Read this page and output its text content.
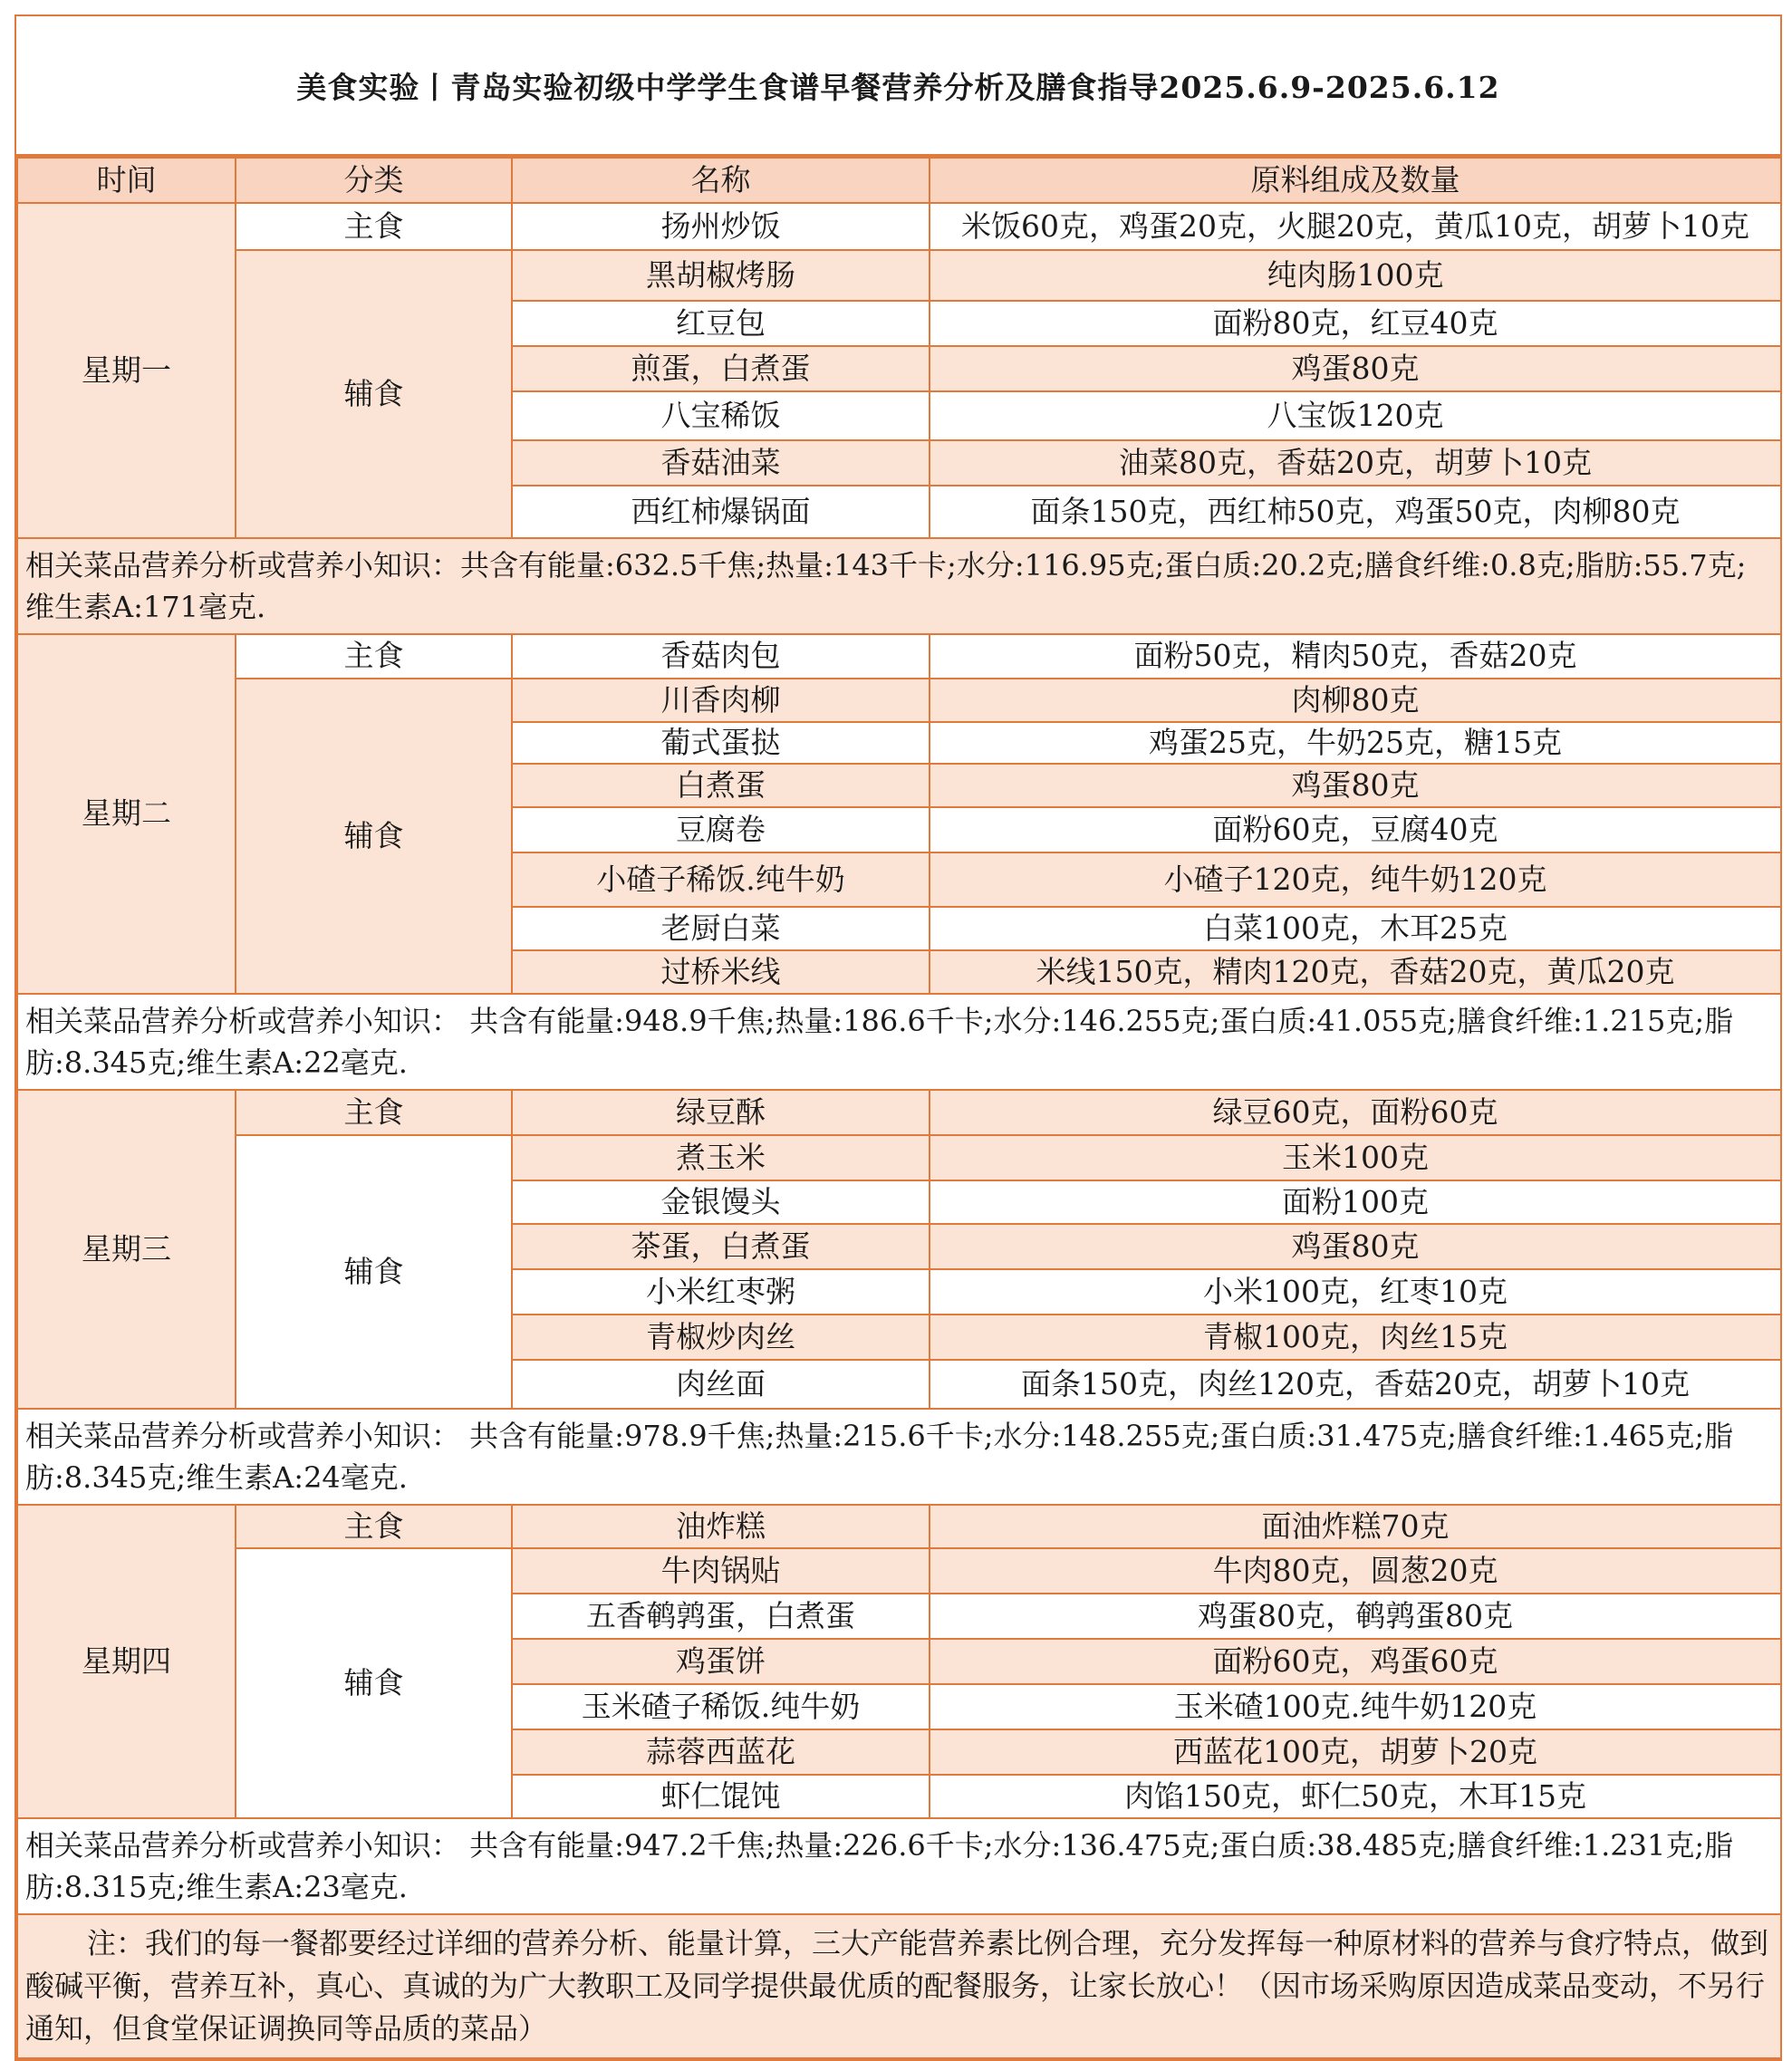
美食实验丨青岛实验初级中学学生食谱早餐营养分析及膳食指导2025.6.9-2025.6.12
时间	分类	名称	原料组成及数量
星期一	主食	扬州炒饭	米饭60克，鸡蛋20克，火腿20克，黄瓜10克，胡萝卜10克
	辅食	黑胡椒烤肠	纯肉肠100克
		红豆包	面粉80克，红豆40克
		煎蛋，白煮蛋	鸡蛋80克
		八宝稀饭	八宝饭120克
		香菇油菜	油菜80克，香菇20克，胡萝卜10克
		西红柿爆锅面	面条150克，西红柿50克，鸡蛋50克，肉柳80克
相关菜品营养分析或营养小知识：共含有能量:632.5千焦;热量:143千卡;水分:116.95克;蛋白质:20.2克;膳食纤维:0.8克;脂肪:55.7克;维生素A:171毫克.			
星期二	主食	香菇肉包	面粉50克，精肉50克，香菇20克
	辅食	川香肉柳	肉柳80克
		葡式蛋挞	鸡蛋25克，牛奶25克，糖15克
		白煮蛋	鸡蛋80克
		豆腐卷	面粉60克，豆腐40克
		小碴子稀饭.纯牛奶	小碴子120克，纯牛奶120克
		老厨白菜	白菜100克，木耳25克
		过桥米线	米线150克，精肉120克，香菇20克，黄瓜20克
相关菜品营养分析或营养小知识： 共含有能量:948.9千焦;热量:186.6千卡;水分:146.255克;蛋白质:41.055克;膳食纤维:1.215克;脂肪:8.345克;维生素A:22毫克.			
星期三	主食	绿豆酥	绿豆60克，面粉60克
	辅食	煮玉米	玉米100克
		金银馒头	面粉100克
		茶蛋，白煮蛋	鸡蛋80克
		小米红枣粥	小米100克，红枣10克
		青椒炒肉丝	青椒100克，肉丝15克
		肉丝面	面条150克，肉丝120克，香菇20克，胡萝卜10克
相关菜品营养分析或营养小知识： 共含有能量:978.9千焦;热量:215.6千卡;水分:148.255克;蛋白质:31.475克;膳食纤维:1.465克;脂肪:8.345克;维生素A:24毫克.			
星期四	主食	油炸糕	面油炸糕70克
	辅食	牛肉锅贴	牛肉80克，圆葱20克
		五香鹌鹑蛋，白煮蛋	鸡蛋80克，鹌鹑蛋80克
		鸡蛋饼	面粉60克，鸡蛋60克
		玉米碴子稀饭.纯牛奶	玉米碴100克.纯牛奶120克
		蒜蓉西蓝花	西蓝花100克，胡萝卜20克
		虾仁馄饨	肉馅150克，虾仁50克，木耳15克
相关菜品营养分析或营养小知识： 共含有能量:947.2千焦;热量:226.6千卡;水分:136.475克;蛋白质:38.485克;膳食纤维:1.231克;脂肪:8.315克;维生素A:23毫克.			
注：我们的每一餐都要经过详细的营养分析、能量计算，三大产能营养素比例合理，充分发挥每一种原材料的营养与食疗特点，做到酸碱平衡，营养互补，真心、真诚的为广大教职工及同学提供最优质的配餐服务，让家长放心！（因市场采购原因造成菜品变动，不另行通知，但食堂保证调换同等品质的菜品）			
